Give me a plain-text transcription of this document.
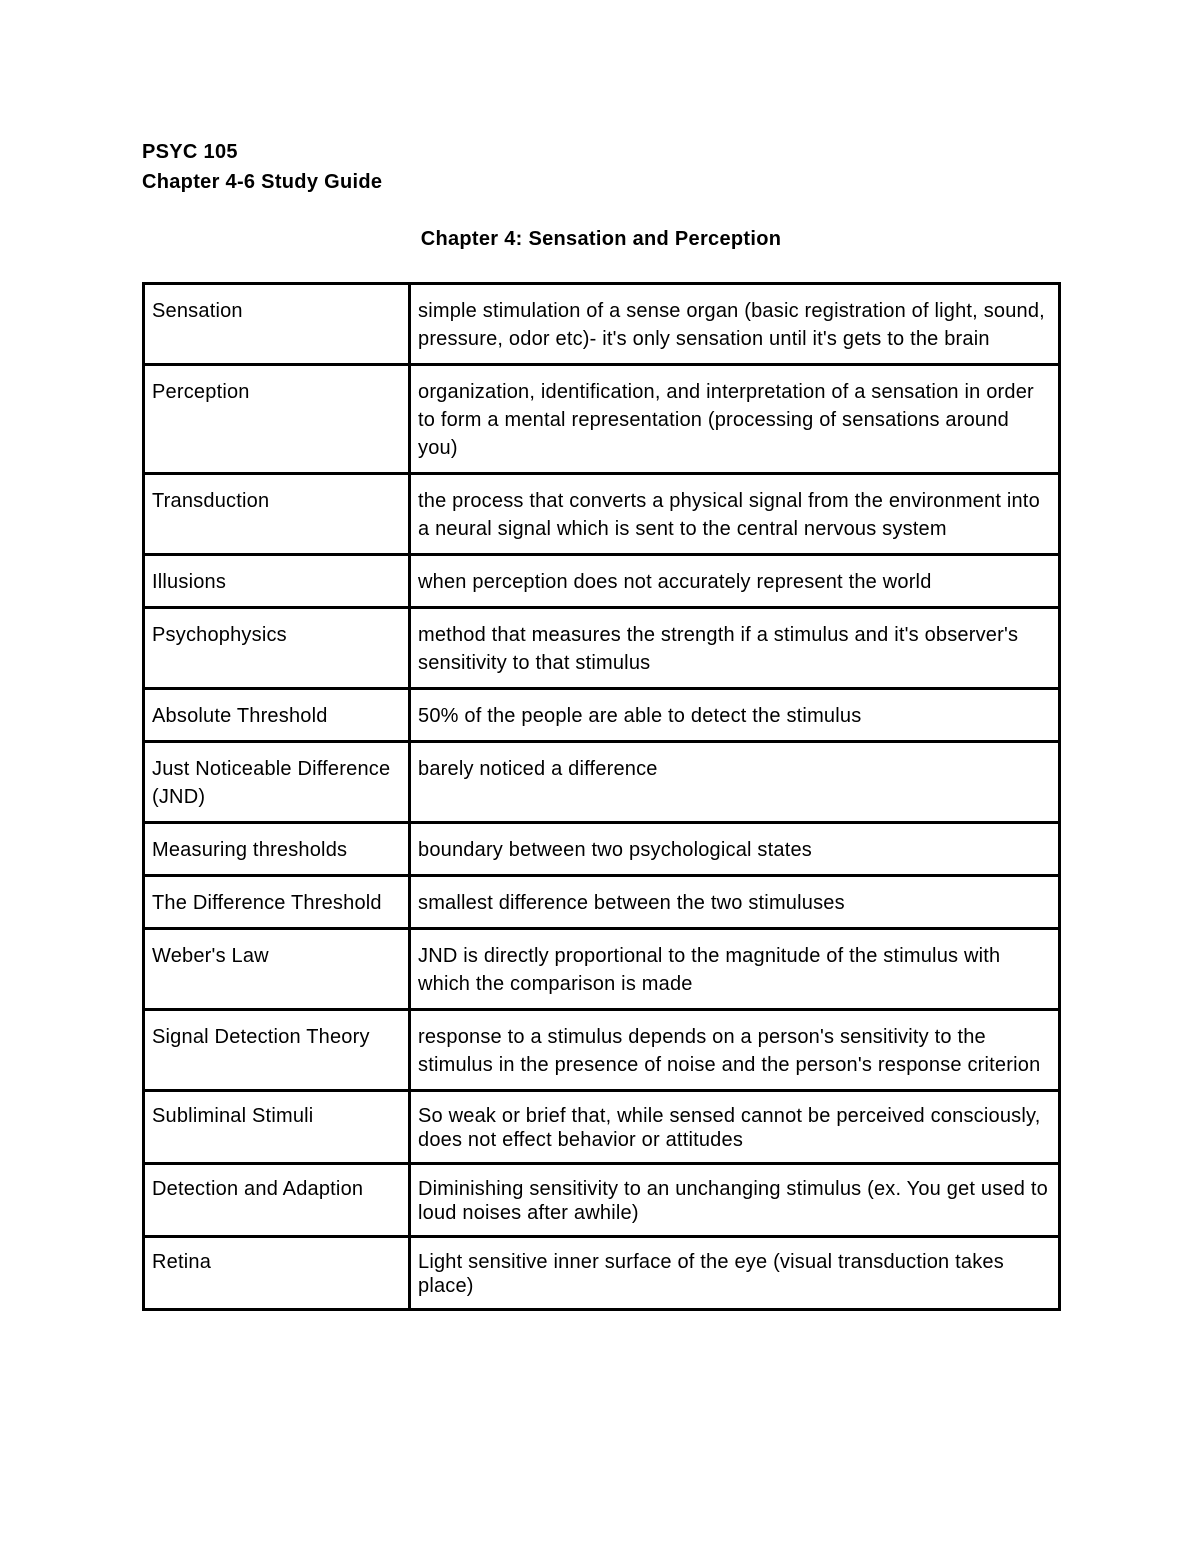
PSYC 105
Chapter 4-6 Study Guide
Chapter 4: Sensation and Perception
Sensation	simple stimulation of a sense organ (basic registration of light, sound, pressure, odor etc)- it's only sensation until it's gets to the brain
Perception	organization, identification, and interpretation of a sensation in order to form a mental representation (processing of sensations around you)
Transduction	the process that converts a physical signal from the environment into a neural signal which is sent to the central nervous system
Illusions	when perception does not accurately represent the world
Psychophysics	method that measures the strength if a stimulus and it's observer's sensitivity to that stimulus
Absolute Threshold	50% of the people are able to detect the stimulus
Just Noticeable Difference (JND)	barely noticed a difference
Measuring thresholds	boundary between two psychological states
The Difference Threshold	smallest difference between the two stimuluses
Weber's Law	JND is directly proportional to the magnitude of the stimulus with which the comparison is made
Signal Detection Theory	response to a stimulus depends on a person's sensitivity to the stimulus in the presence of noise and the person's response criterion
Subliminal Stimuli	So weak or brief that, while sensed cannot be perceived consciously, does not effect behavior or attitudes
Detection and Adaption	Diminishing sensitivity to an unchanging stimulus (ex. You get used to loud noises after awhile)
Retina	Light sensitive inner surface of the eye (visual transduction takes place)
